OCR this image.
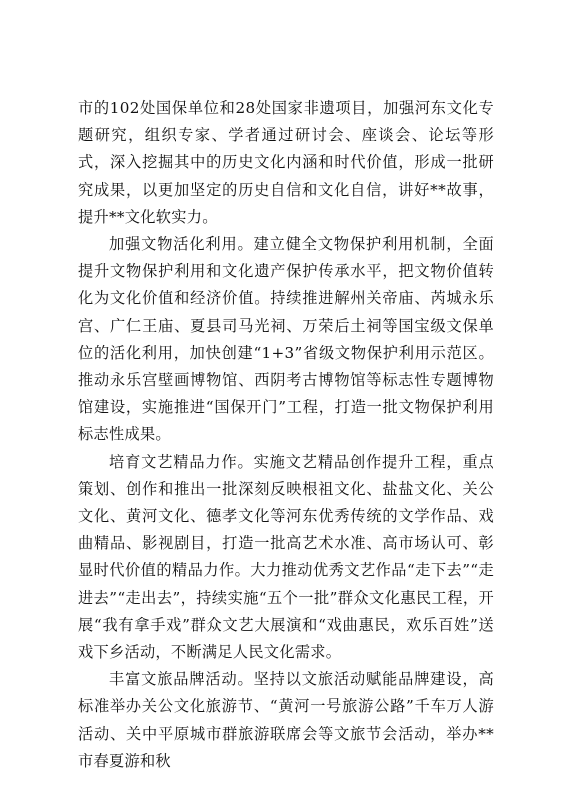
市的102处国保单位和28处国家非遗项目，加强河东文化专题研究，组织专家、学者通过研讨会、座谈会、论坛等形式，深入挖掘其中的历史文化内涵和时代价值，形成一批研究成果，以更加坚定的历史自信和文化自信，讲好**故事，提升**文化软实力。

加强文物活化利用。建立健全文物保护利用机制，全面提升文物保护利用和文化遗产保护传承水平，把文物价值转化为文化价值和经济价值。持续推进解州关帝庙、芮城永乐宫、广仁王庙、夏县司马光祠、万荣后土祠等国宝级文保单位的活化利用，加快创建“1+3”省级文物保护利用示范区。推动永乐宫壁画博物馆、西阴考古博物馆等标志性专题博物馆建设，实施推进“国保开门”工程，打造一批文物保护利用标志性成果。

培育文艺精品力作。实施文艺精品创作提升工程，重点策划、创作和推出一批深刻反映根祖文化、盐盐文化、关公文化、黄河文化、德孝文化等河东优秀传统的文学作品、戏曲精品、影视剧目，打造一批高艺术水准、高市场认可、彰显时代价值的精品力作。大力推动优秀文艺作品“走下去”“走进去”“走出去”，持续实施“五个一批”群众文化惠民工程，开展“我有拿手戏”群众文艺大展演和“戏曲惠民，欢乐百姓”送戏下乡活动，不断满足人民文化需求。

丰富文旅品牌活动。坚持以文旅活动赋能品牌建设，高标准举办关公文化旅游节、“黄河一号旅游公路”千车万人游活动、关中平原城市群旅游联席会等文旅节会活动，举办**市春夏游和秋
